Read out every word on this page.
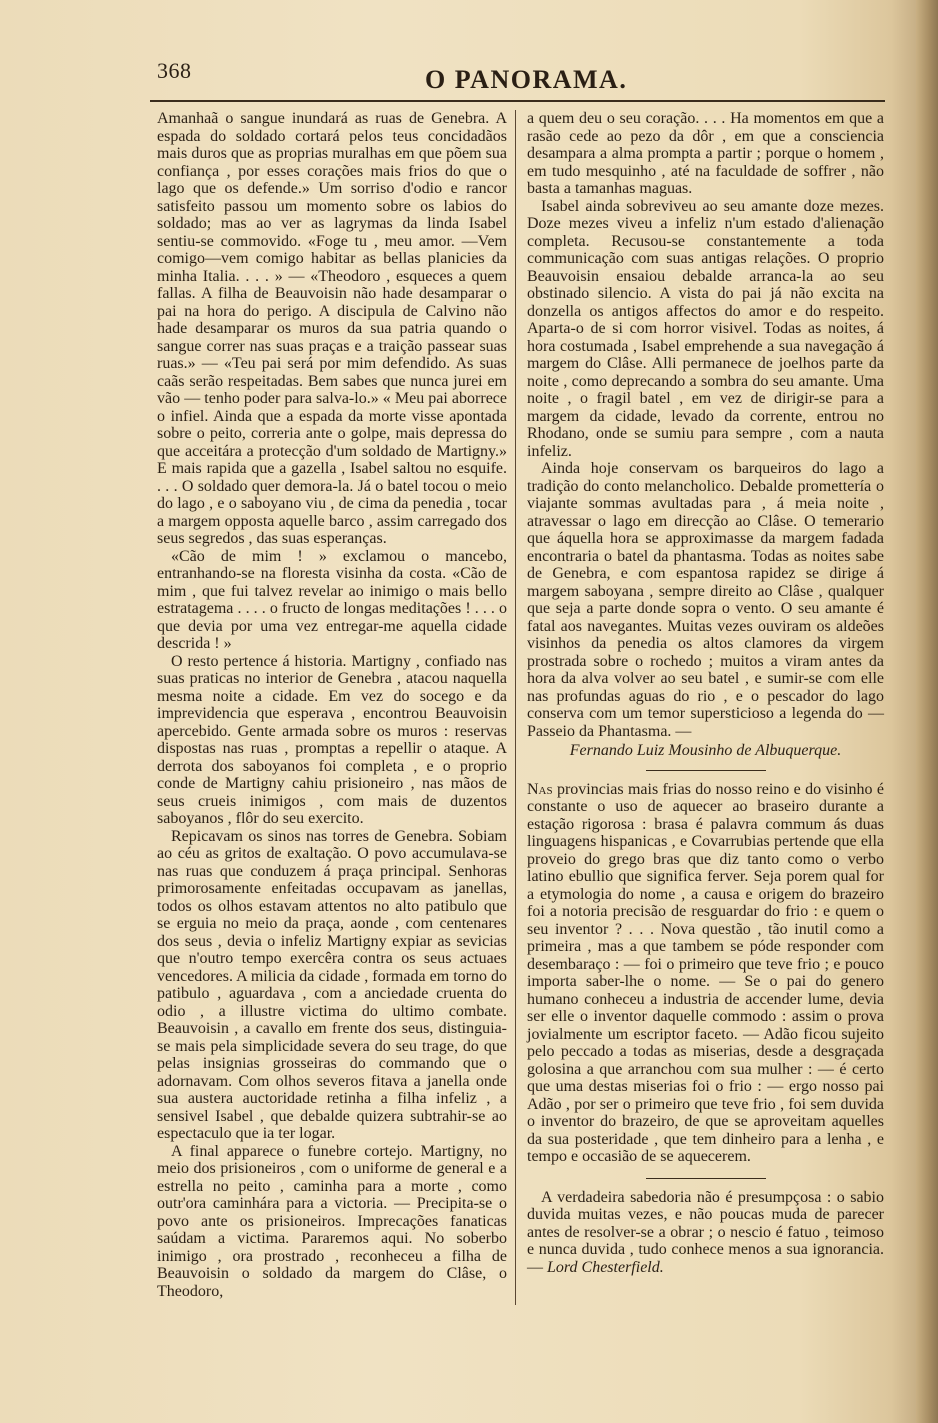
368	O PANORAMA.

Amanhaã o sangue inundará as ruas de Genebra. A espada do soldado cortará pelos teus concidadãos mais duros que as proprias muralhas em que põem sua confiança , por esses corações mais frios do que o lago que os defende.» Um sorriso d'odio e rancor satisfeito passou um momento sobre os labios do soldado; mas ao ver as lagrymas da linda Isabel sentiu-se commovido. «Foge tu , meu amor. —Vem comigo—vem comigo habitar as bellas planicies da minha Italia. . . . » — «Theodoro , esqueces a quem fallas. A filha de Beauvoisin não hade desamparar o pai na hora do perigo. A discipula de Calvino não hade desamparar os muros da sua patria quando o sangue correr nas suas praças e a traição passear suas ruas.» — «Teu pai será por mim defendido. As suas caãs serão respeitadas. Bem sabes que nunca jurei em vão — tenho poder para salva-lo.» « Meu pai aborrece o infiel. Ainda que a espada da morte visse apontada sobre o peito, correria ante o golpe, mais depressa do que acceitára a protecção d'um soldado de Martigny.» E mais rapida que a gazella , Isabel saltou no esquife. . . . O soldado quer demora-la. Já o batel tocou o meio do lago , e o saboyano viu , de cima da penedia , tocar a margem opposta aquelle barco , assim carregado dos seus segredos , das suas esperanças.

«Cão de mim ! » exclamou o mancebo, entranhando-se na floresta visinha da costa. «Cão de mim , que fui talvez revelar ao inimigo o mais bello estratagema . . . . o fructo de longas meditações ! . . . o que devia por uma vez entregar-me aquella cidade descrida ! »

O resto pertence á historia. Martigny , confiado nas suas praticas no interior de Genebra , atacou naquella mesma noite a cidade. Em vez do socego e da imprevidencia que esperava , encontrou Beauvoisin apercebido. Gente armada sobre os muros : reservas dispostas nas ruas , promptas a repellir o ataque. A derrota dos saboyanos foi completa , e o proprio conde de Martigny cahiu prisioneiro , nas mãos de seus crueis inimigos , com mais de duzentos saboyanos , flôr do seu exercito.

Repicavam os sinos nas torres de Genebra. Sobiam ao céu as gritos de exaltação. O povo accumulava-se nas ruas que conduzem á praça principal. Senhoras primorosamente enfeitadas occupavam as janellas, todos os olhos estavam attentos no alto patibulo que se erguia no meio da praça, aonde , com centenares dos seus , devia o infeliz Martigny expiar as sevicias que n'outro tempo exercêra contra os seus actuaes vencedores. A milicia da cidade , formada em torno do patibulo , aguardava , com a anciedade cruenta do odio , a illustre victima do ultimo combate. Beauvoisin , a cavallo em frente dos seus, distinguia-se mais pela simplicidade severa do seu trage, do que pelas insignias grosseiras do commando que o adornavam. Com olhos severos fitava a janella onde sua austera auctoridade retinha a filha infeliz , a sensivel Isabel , que debalde quizera subtrahir-se ao espectaculo que ia ter logar.

A final apparece o funebre cortejo. Martigny, no meio dos prisioneiros , com o uniforme de general e a estrella no peito , caminha para a morte , como outr'ora caminhára para a victoria. — Precipita-se o povo ante os prisioneiros. Imprecações fanaticas saúdam a victima. Pararemos aqui. No soberbo inimigo , ora prostrado , reconheceu a filha de Beauvoisin o soldado da margem do Clâse, o Theodoro,

a quem deu o seu coração. . . . Ha momentos em que a rasão cede ao pezo da dôr , em que a consciencia desampara a alma prompta a partir ; porque o homem , em tudo mesquinho , até na faculdade de soffrer , não basta a tamanhas maguas.

Isabel ainda sobreviveu ao seu amante doze mezes. Doze mezes viveu a infeliz n'um estado d'alienação completa. Recusou-se constantemente a toda communicação com suas antigas relações. O proprio Beauvoisin ensaiou debalde arranca-la ao seu obstinado silencio. A vista do pai já não excita na donzella os antigos affectos do amor e do respeito. Aparta-o de si com horror visivel. Todas as noites, á hora costumada , Isabel emprehende a sua navegação á margem do Clâse. Alli permanece de joelhos parte da noite , como deprecando a sombra do seu amante. Uma noite , o fragil batel , em vez de dirigir-se para a margem da cidade, levado da corrente, entrou no Rhodano, onde se sumiu para sempre , com a nauta infeliz.

Ainda hoje conservam os barqueiros do lago a tradição do conto melancholico. Debalde promettería o viajante sommas avultadas para , á meia noite , atravessar o lago em direcção ao Clâse. O temerario que áquella hora se approximasse da margem fadada encontraria o batel da phantasma. Todas as noites sabe de Genebra, e com espantosa rapidez se dirige á margem saboyana , sempre direito ao Clâse , qualquer que seja a parte donde sopra o vento. O seu amante é fatal aos navegantes. Muitas vezes ouviram os aldeões visinhos da penedia os altos clamores da virgem prostrada sobre o rochedo ; muitos a viram antes da hora da alva volver ao seu batel , e sumir-se com elle nas profundas aguas do rio , e o pescador do lago conserva com um temor supersticioso a legenda do — Passeio da Phantasma. —

Fernando Luiz Mousinho de Albuquerque.

Nas provincias mais frias do nosso reino e do visinho é constante o uso de aquecer ao braseiro durante a estação rigorosa : brasa é palavra commum ás duas linguagens hispanicas , e Covarrubias pertende que ella proveio do grego bras que diz tanto como o verbo latino ebullio que significa ferver. Seja porem qual for a etymologia do nome , a causa e origem do brazeiro foi a notoria precisão de resguardar do frio : e quem o seu inventor ? . . . Nova questão , tão inutil como a primeira , mas a que tambem se póde responder com desembaraço : — foi o primeiro que teve frio ; e pouco importa saber-lhe o nome. — Se o pai do genero humano conheceu a industria de accender lume, devia ser elle o inventor daquelle commodo : assim o prova jovialmente um escriptor faceto. — Adão ficou sujeito pelo peccado a todas as miserias, desde a desgraçada golosina a que arranchou com sua mulher : — é certo que uma destas miserias foi o frio : — ergo nosso pai Adão , por ser o primeiro que teve frio , foi sem duvida o inventor do brazeiro, de que se aproveitam aquelles da sua posteridade , que tem dinheiro para a lenha , e tempo e occasião de se aquecerem.

A verdadeira sabedoria não é presumpçosa : o sabio duvida muitas vezes, e não poucas muda de parecer antes de resolver-se a obrar ; o nescio é fatuo , teimoso e nunca duvida , tudo conhece menos a sua ignorancia. — Lord Chesterfield.
